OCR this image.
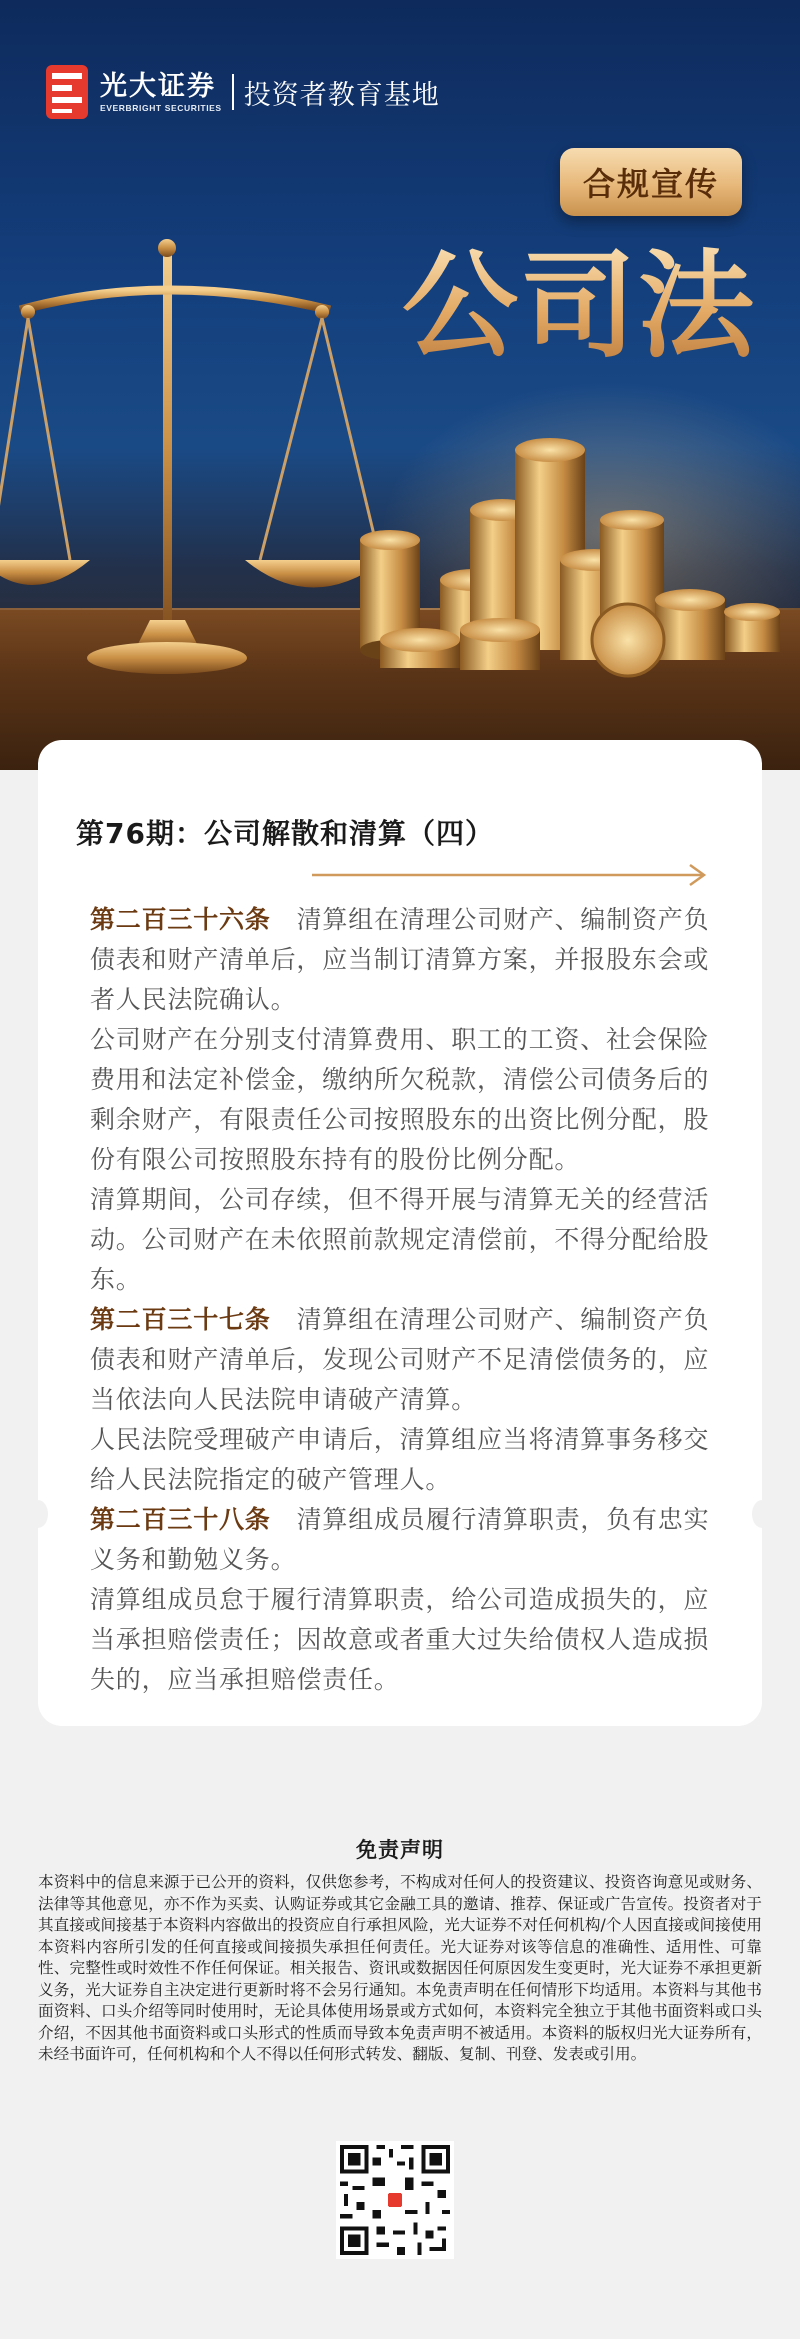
光大证券
EVERBRIGHT SECURITIES 投资者教育基地
合规宣传
公司法
第76期：公司解散和清算（四）

第二百三十六条 清算组在清理公司财产、编制资产负债表和财产清单后，应当制订清算方案，并报股东会或者人民法院确认。

公司财产在分别支付清算费用、职工的工资、社会保险费用和法定补偿金，缴纳所欠税款，清偿公司债务后的剩余财产，有限责任公司按照股东的出资比例分配，股份有限公司按照股东持有的股份比例分配。

清算期间，公司存续，但不得开展与清算无关的经营活动。公司财产在未依照前款规定清偿前，不得分配给股东。

第二百三十七条 清算组在清理公司财产、编制资产负债表和财产清单后，发现公司财产不足清偿债务的，应当依法向人民法院申请破产清算。

人民法院受理破产申请后，清算组应当将清算事务移交给人民法院指定的破产管理人。

第二百三十八条 清算组成员履行清算职责，负有忠实义务和勤勉义务。

清算组成员怠于履行清算职责，给公司造成损失的，应当承担赔偿责任；因故意或者重大过失给债权人造成损失的，应当承担赔偿责任。

免责声明
本资料中的信息来源于已公开的资料，仅供您参考，不构成对任何人的投资建议、投资咨询意见或财务、法律等其他意见，亦不作为买卖、认购证券或其它金融工具的邀请、推荐、保证或广告宣传。投资者对于其直接或间接基于本资料内容做出的投资应自行承担风险，光大证券不对任何机构/个人因直接或间接使用本资料内容所引发的任何直接或间接损失承担任何责任。光大证券对该等信息的准确性、适用性、可靠性、完整性或时效性不作任何保证。相关报告、资讯或数据因任何原因发生变更时，光大证券不承担更新义务，光大证券自主决定进行更新时将不会另行通知。本免责声明在任何情形下均适用。本资料与其他书面资料、口头介绍等同时使用时，无论具体使用场景或方式如何，本资料完全独立于其他书面资料或口头介绍，不因其他书面资料或口头形式的性质而导致本免责声明不被适用。本资料的版权归光大证券所有，未经书面许可，任何机构和个人不得以任何形式转发、翻版、复制、刊登、发表或引用。
